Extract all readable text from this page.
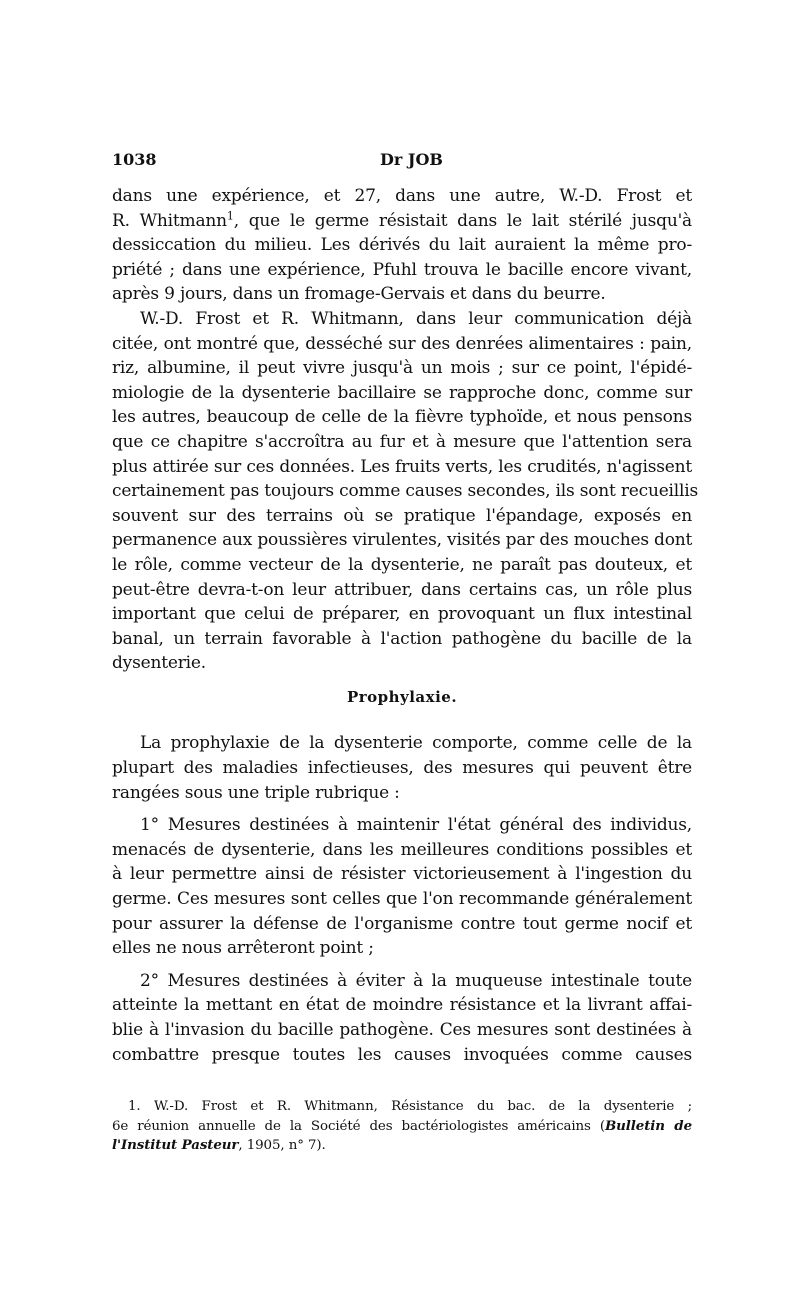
1038	Dr JOB
dans une expérience, et 27, dans une autre, W.-D. Frost et
R. Whitmann$^1$, que le germe résistait dans le lait stérilé jusqu'à
dessiccation du milieu. Les dérivés du lait auraient la même pro-
priété ; dans une expérience, Pfuhl trouva le bacille encore vivant,
après 9 jours, dans un fromage-Gervais et dans du beurre.
W.-D. Frost et R. Whitmann, dans leur communication déjà
citée, ont montré que, desséché sur des denrées alimentaires : pain,
riz, albumine, il peut vivre jusqu'à un mois ; sur ce point, l'épidé-
miologie de la dysenterie bacillaire se rapproche donc, comme sur
les autres, beaucoup de celle de la fièvre typhoïde, et nous pensons
que ce chapitre s'accroîtra au fur et à mesure que l'attention sera
plus attirée sur ces données. Les fruits verts, les crudités, n'agissent
certainement pas toujours comme causes secondes, ils sont recueillis
souvent sur des terrains où se pratique l'épandage, exposés en
permanence aux poussières virulentes, visités par des mouches dont
le rôle, comme vecteur de la dysenterie, ne paraît pas douteux, et
peut-être devra-t-on leur attribuer, dans certains cas, un rôle plus
important que celui de préparer, en provoquant un flux intestinal
banal, un terrain favorable à l'action pathogène du bacille de la
dysenterie.
Prophylaxie.
La prophylaxie de la dysenterie comporte, comme celle de la
plupart des maladies infectieuses, des mesures qui peuvent être
rangées sous une triple rubrique :
1° Mesures destinées à maintenir l'état général des individus,
menacés de dysenterie, dans les meilleures conditions possibles et
à leur permettre ainsi de résister victorieusement à l'ingestion du
germe. Ces mesures sont celles que l'on recommande généralement
pour assurer la défense de l'organisme contre tout germe nocif et
elles ne nous arrêteront point ;
2° Mesures destinées à éviter à la muqueuse intestinale toute
atteinte la mettant en état de moindre résistance et la livrant affai-
blie à l'invasion du bacille pathogène. Ces mesures sont destinées à
combattre presque toutes les causes invoquées comme causes
1. W.-D. Frost et R. Whitmann, Résistance du bac. de la dysenterie ;
6e réunion annuelle de la Société des bactériologistes américains (Bulletin de
l'Institut Pasteur, 1905, n° 7).
